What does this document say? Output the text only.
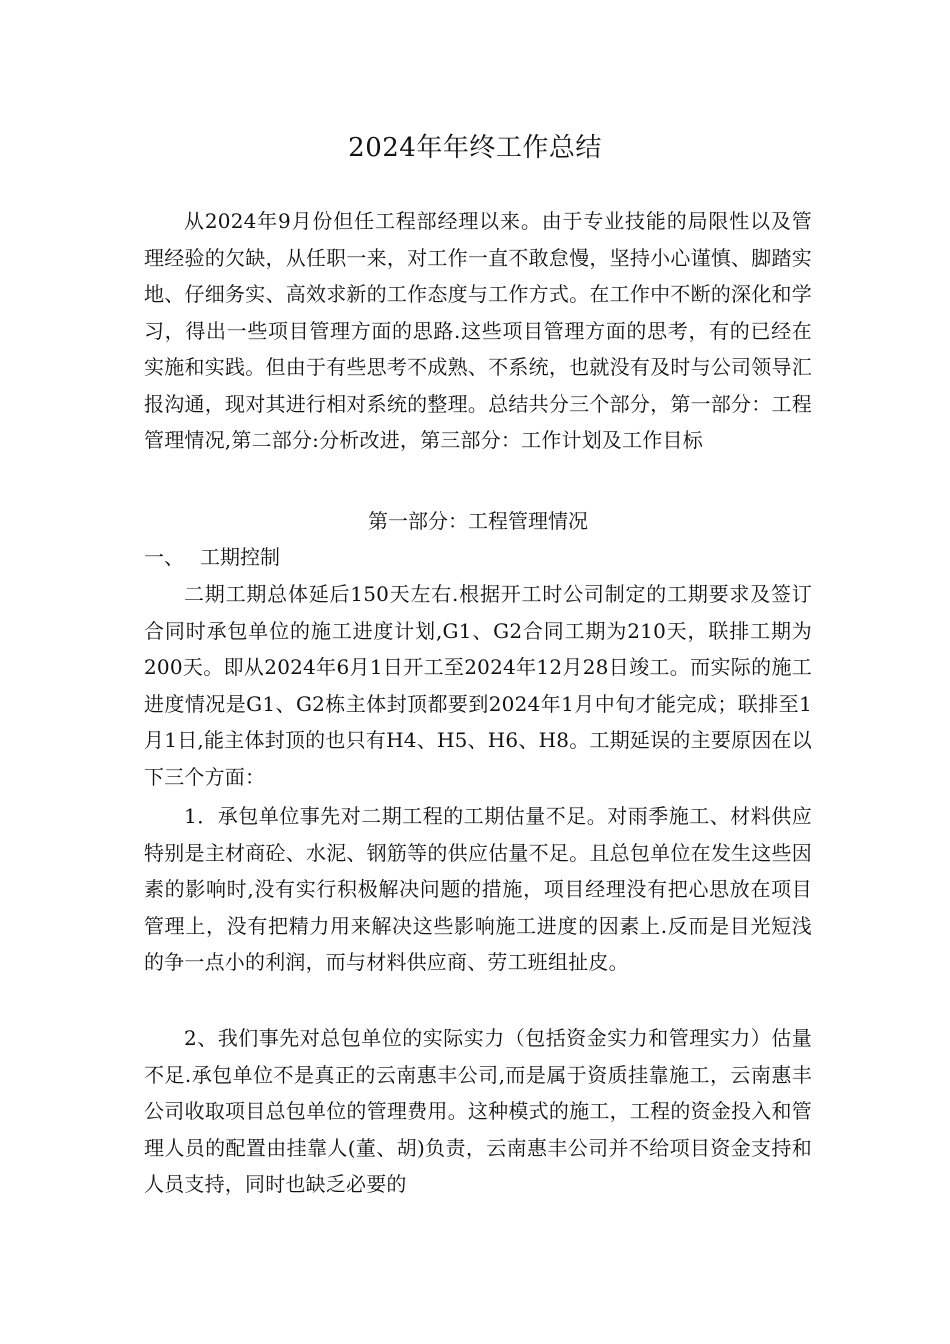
2024年年终工作总结

从2024年9月份但任工程部经理以来。由于专业技能的局限性以及管理经验的欠缺，从任职一来，对工作一直不敢怠慢，坚持小心谨慎、脚踏实地、仔细务实、高效求新的工作态度与工作方式。在工作中不断的深化和学习，得出一些项目管理方面的思路.这些项目管理方面的思考，有的已经在实施和实践。但由于有些思考不成熟、不系统，也就没有及时与公司领导汇报沟通，现对其进行相对系统的整理。总结共分三个部分，第一部分：工程管理情况,第二部分:分析改进，第三部分：工作计划及工作目标

第一部分：工程管理情况

一、 工期控制

二期工期总体延后150天左右.根据开工时公司制定的工期要求及签订合同时承包单位的施工进度计划,G1、G2合同工期为210天，联排工期为200天。即从2024年6月1日开工至2024年12月28日竣工。而实际的施工进度情况是G1、G2栋主体封顶都要到2024年1月中旬才能完成；联排至1月1日,能主体封顶的也只有H4、H5、H6、H8。工期延误的主要原因在以下三个方面：

1．承包单位事先对二期工程的工期估量不足。对雨季施工、材料供应特别是主材商砼、水泥、钢筋等的供应估量不足。且总包单位在发生这些因素的影响时,没有实行积极解决问题的措施，项目经理没有把心思放在项目管理上，没有把精力用来解决这些影响施工进度的因素上.反而是目光短浅的争一点小的利润，而与材料供应商、劳工班组扯皮。

2、我们事先对总包单位的实际实力（包括资金实力和管理实力）估量不足.承包单位不是真正的云南惠丰公司,而是属于资质挂靠施工，云南惠丰公司收取项目总包单位的管理费用。这种模式的施工，工程的资金投入和管理人员的配置由挂靠人(董、胡)负责，云南惠丰公司并不给项目资金支持和人员支持，同时也缺乏必要的
